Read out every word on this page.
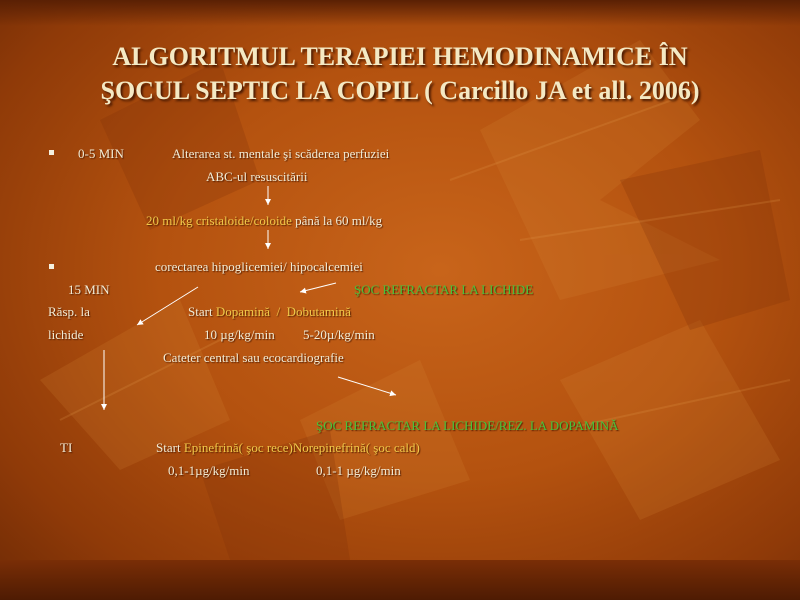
ALGORITMUL TERAPIEI HEMODINAMICE ÎN
ŞOCUL SEPTIC LA COPIL ( Carcillo JA et all. 2006)
0-5 MIN	Alterarea st. mentale şi scăderea perfuziei
ABC-ul resuscitării
20 ml/kg cristaloide/coloide până la 60 ml/kg
corectarea hipoglicemiei/ hipocalcemiei
15 MIN	ŞOC REFRACTAR LA LICHIDE
Răsp. la	Start Dopamină / Dobutamină
lichide	10 µg/kg/min 5-20µ/kg/min
Cateter central sau ecocardiografie
ŞOC REFRACTAR LA LICHIDE/REZ. LA DOPAMINĂ
TI	Start Epinefrină( şoc rece)Norepinefrină( şoc cald)
0,1-1µg/kg/min	0,1-1 µg/kg/min
